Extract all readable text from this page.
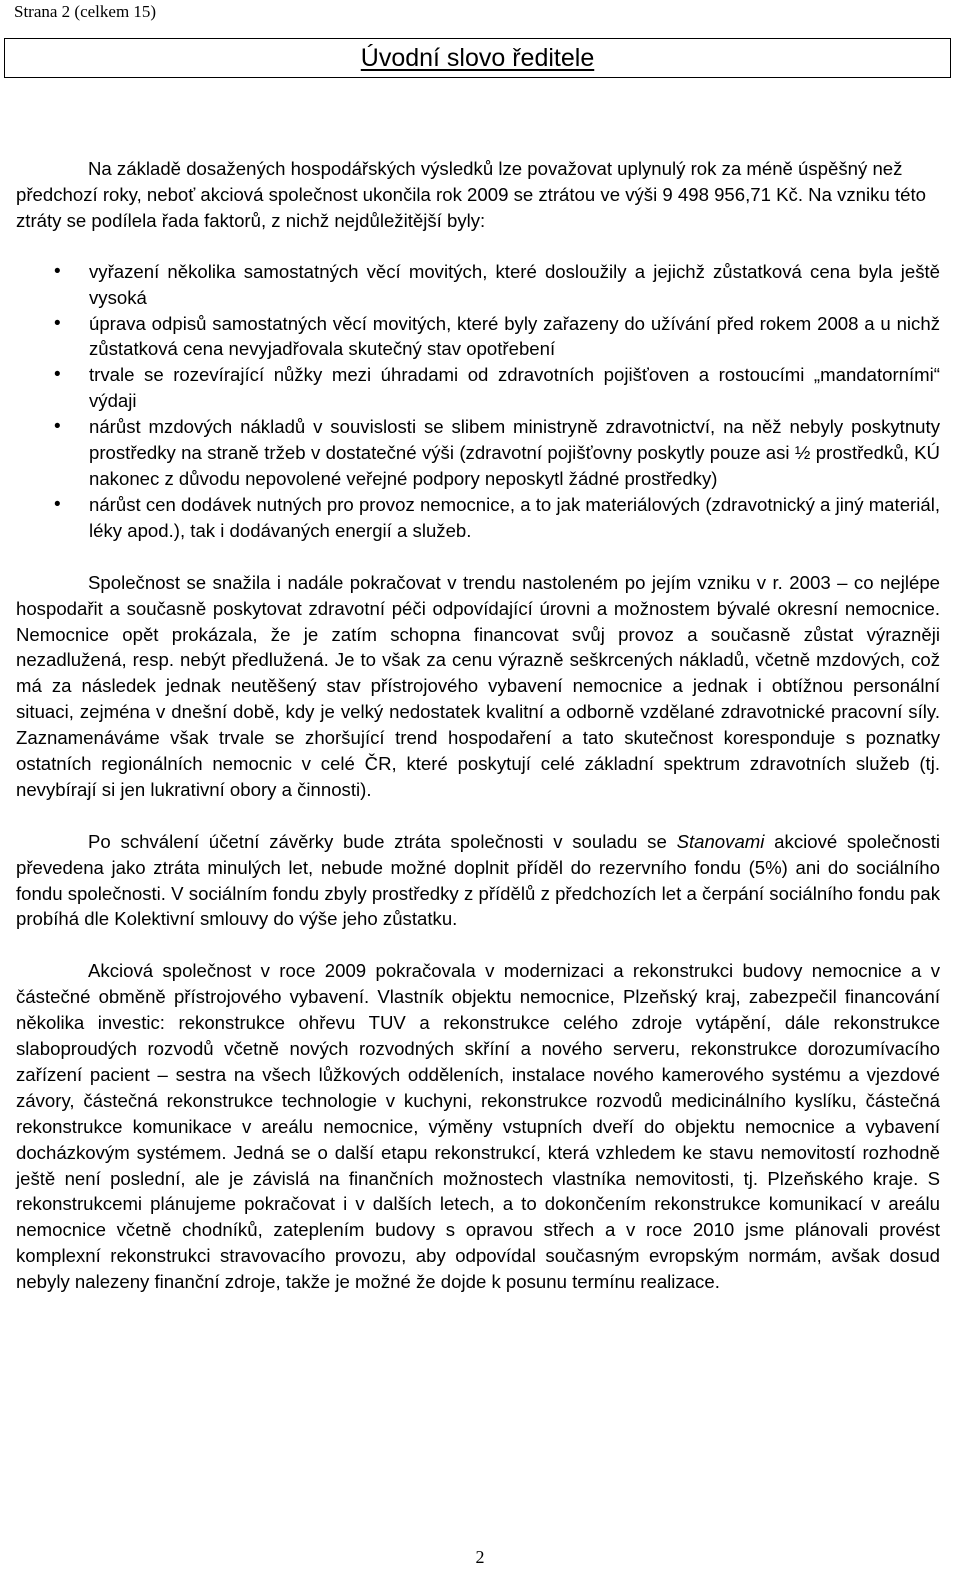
Strana 2 (celkem 15)
Úvodní slovo ředitele

Na základě dosažených hospodářských výsledků lze považovat uplynulý rok za méně úspěšný než předchozí roky, neboť akciová společnost ukončila rok 2009 se ztrátou ve výši 9 498 956,71 Kč. Na vzniku této ztráty se podílela řada faktorů, z nichž nejdůležitější byly:

• vyřazení několika samostatných věcí movitých, které dosloužily a jejichž zůstatková cena byla ještě vysoká
• úprava odpisů samostatných věcí movitých, které byly zařazeny do užívání před rokem 2008 a u nichž zůstatková cena nevyjadřovala skutečný stav opotřebení
• trvale se rozevírající nůžky mezi úhradami od zdravotních pojišťoven a rostoucími „mandatorními“ výdaji
• nárůst mzdových nákladů v souvislosti se slibem ministryně zdravotnictví, na něž nebyly poskytnuty prostředky na straně tržeb v dostatečné výši (zdravotní pojišťovny poskytly pouze asi ½ prostředků, KÚ nakonec z důvodu nepovolené veřejné podpory neposkytl žádné prostředky)
• nárůst cen dodávek nutných pro provoz nemocnice, a to jak materiálových (zdravotnický a jiný materiál, léky apod.), tak i dodávaných energií a služeb.

Společnost se snažila i nadále pokračovat v trendu nastoleném po jejím vzniku v r. 2003 – co nejlépe hospodařit a současně poskytovat zdravotní péči odpovídající úrovni a možnostem bývalé okresní nemocnice. Nemocnice opět prokázala, že je zatím schopna financovat svůj provoz a současně zůstat výrazněji nezadlužená, resp. nebýt předlužená. Je to však za cenu výrazně seškrcených nákladů, včetně mzdových, což má za následek jednak neutěšený stav přístrojového vybavení nemocnice a jednak i obtížnou personální situaci, zejména v dnešní době, kdy je velký nedostatek kvalitní a odborně vzdělané zdravotnické pracovní síly. Zaznamenáváme však trvale se zhoršující trend hospodaření a tato skutečnost koresponduje s poznatky ostatních regionálních nemocnic v celé ČR, které poskytují celé základní spektrum zdravotních služeb (tj. nevybírají si jen lukrativní obory a činnosti).

Po schválení účetní závěrky bude ztráta společnosti v souladu se Stanovami akciové společnosti převedena jako ztráta minulých let, nebude možné doplnit příděl do rezervního fondu (5%) ani do sociálního fondu společnosti. V sociálním fondu zbyly prostředky z přídělů z předchozích let a čerpání sociálního fondu pak probíhá dle Kolektivní smlouvy do výše jeho zůstatku.

Akciová společnost v roce 2009 pokračovala v modernizaci a rekonstrukci budovy nemocnice a v částečné obměně přístrojového vybavení. Vlastník objektu nemocnice, Plzeňský kraj, zabezpečil financování několika investic: rekonstrukce ohřevu TUV a rekonstrukce celého zdroje vytápění, dále rekonstrukce slaboproudých rozvodů včetně nových rozvodných skříní a nového serveru, rekonstrukce dorozumívacího zařízení pacient – sestra na všech lůžkových odděleních, instalace nového kamerového systému a vjezdové závory, částečná rekonstrukce technologie v kuchyni, rekonstrukce rozvodů medicinálního kyslíku, částečná rekonstrukce komunikace v areálu nemocnice, výměny vstupních dveří do objektu nemocnice a vybavení docházkovým systémem. Jedná se o další etapu rekonstrukcí, která vzhledem ke stavu nemovitostí rozhodně ještě není poslední, ale je závislá na finančních možnostech vlastníka nemovitosti, tj. Plzeňského kraje. S rekonstrukcemi plánujeme pokračovat i v dalších letech, a to dokončením rekonstrukce komunikací v areálu nemocnice včetně chodníků, zateplením budovy s opravou střech a v roce 2010 jsme plánovali provést komplexní rekonstrukci stravovacího provozu, aby odpovídal současným evropským normám, avšak dosud nebyly nalezeny finanční zdroje, takže je možné že dojde k posunu termínu realizace.

2
